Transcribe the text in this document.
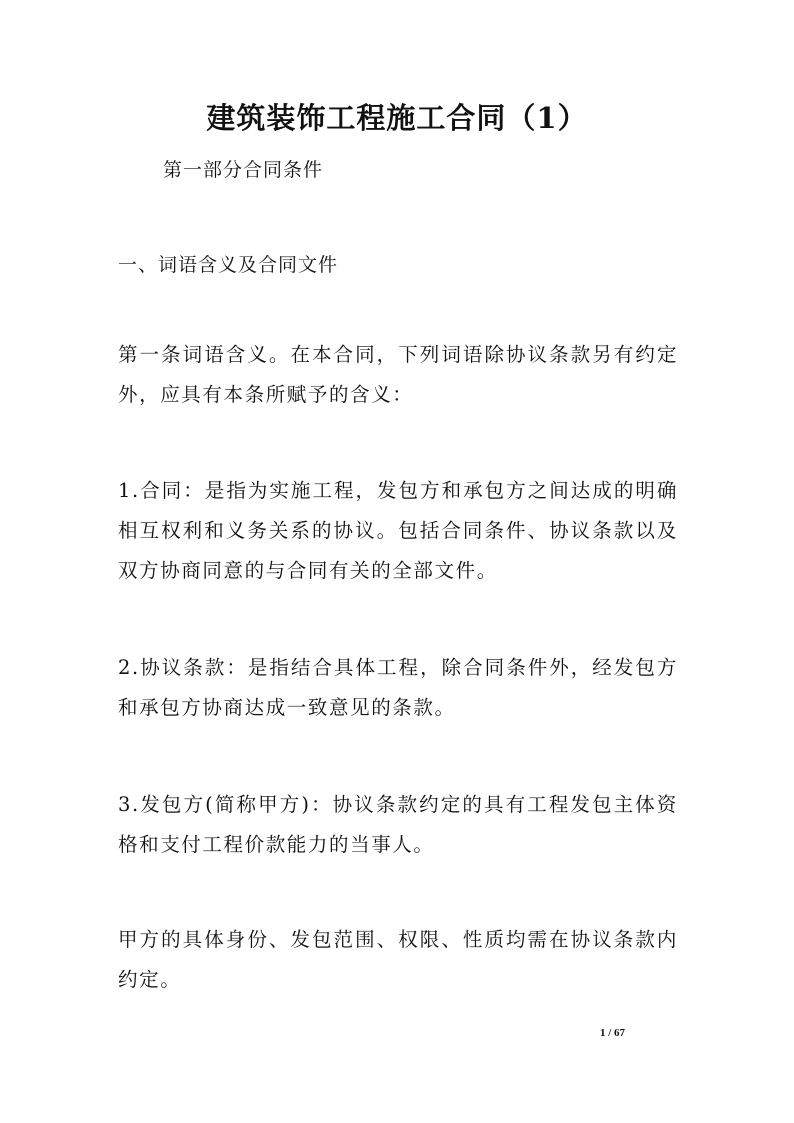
建筑装饰工程施工合同（1）
第一部分合同条件
一、词语含义及合同文件

第一条词语含义。在本合同，下列词语除协议条款另有约定外，应具有本条所赋予的含义：

1.合同：是指为实施工程，发包方和承包方之间达成的明确相互权利和义务关系的协议。包括合同条件、协议条款以及双方协商同意的与合同有关的全部文件。

2.协议条款：是指结合具体工程，除合同条件外，经发包方和承包方协商达成一致意见的条款。

3.发包方(简称甲方)：协议条款约定的具有工程发包主体资格和支付工程价款能力的当事人。

甲方的具体身份、发包范围、权限、性质均需在协议条款内约定。

1 / 67
